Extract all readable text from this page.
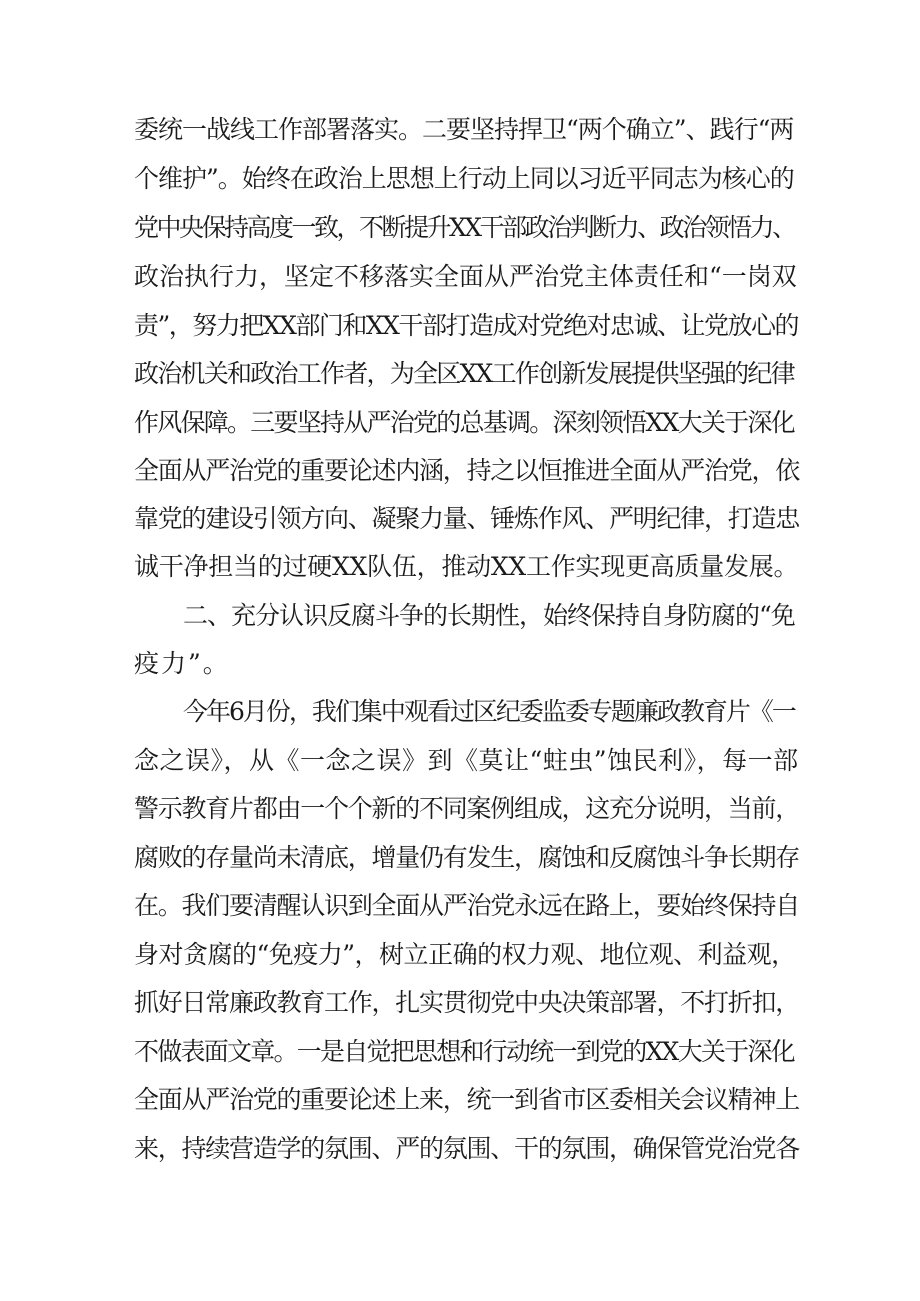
委统一战线工作部署落实。二要坚持捍卫“两个确立”、践行“两
个维护”。始终在政治上思想上行动上同以习近平同志为核心的
党中央保持高度一致，不断提升XX干部政治判断力、政治领悟力、
政治执行力，坚定不移落实全面从严治党主体责任和“一岗双
责”，努力把XX部门和XX干部打造成对党绝对忠诚、让党放心的
政治机关和政治工作者，为全区XX工作创新发展提供坚强的纪律
作风保障。三要坚持从严治党的总基调。深刻领悟XX大关于深化
全面从严治党的重要论述内涵，持之以恒推进全面从严治党，依
靠党的建设引领方向、凝聚力量、锤炼作风、严明纪律，打造忠
诚干净担当的过硬XX队伍，推动XX工作实现更高质量发展。
二、充分认识反腐斗争的长期性，始终保持自身防腐的“免
疫力”。
今年6月份，我们集中观看过区纪委监委专题廉政教育片《一
念之误》，从《一念之误》到《莫让“蛀虫”蚀民利》，每一部
警示教育片都由一个个新的不同案例组成，这充分说明，当前，
腐败的存量尚未清底，增量仍有发生，腐蚀和反腐蚀斗争长期存
在。我们要清醒认识到全面从严治党永远在路上，要始终保持自
身对贪腐的“免疫力”，树立正确的权力观、地位观、利益观，
抓好日常廉政教育工作，扎实贯彻党中央决策部署，不打折扣，
不做表面文章。一是自觉把思想和行动统一到党的XX大关于深化
全面从严治党的重要论述上来，统一到省市区委相关会议精神上
来，持续营造学的氛围、严的氛围、干的氛围，确保管党治党各
